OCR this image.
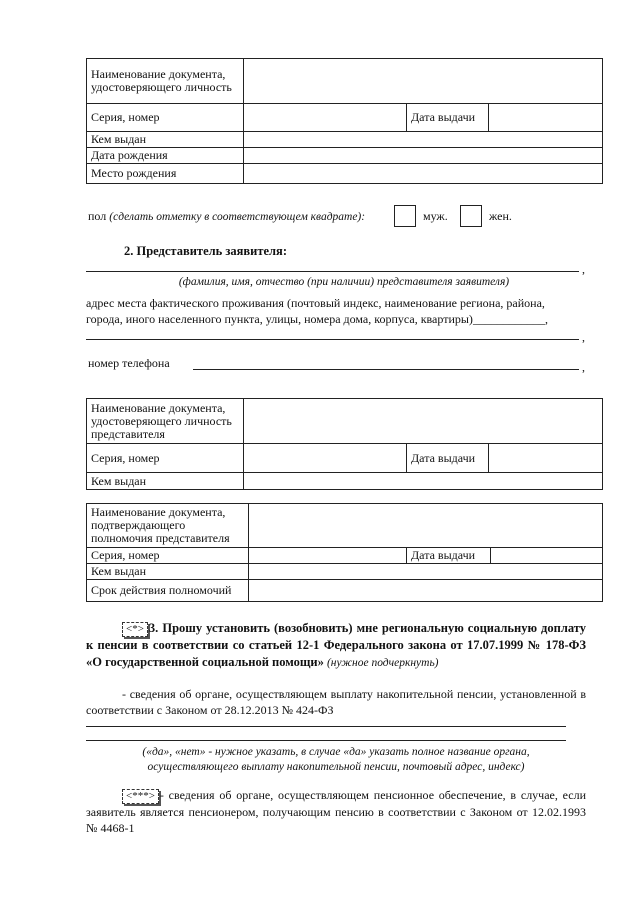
Наименование документа, удостоверяющего личность			
Серия, номер		Дата выдачи	
Кем выдан			
Дата рождения			
Место рождения			
пол (сделать отметку в соответствующем квадрате):	муж.	жен.
2. Представитель заявителя:
,
(фамилия, имя, отчество (при наличии) представителя заявителя)
адрес места фактического проживания (почтовый индекс, наименование региона, района, города, иного населенного пункта, улицы, номера дома, корпуса, квартиры)____________,
,
номер телефона	,
Наименование документа, удостоверяющего личность представителя			
Серия, номер		Дата выдачи	
Кем выдан			
Наименование документа, подтверждающего полномочия представителя			
Серия, номер		Дата выдачи	
Кем выдан			
Срок действия полномочий			
<*> 3. Прошу установить (возобновить) мне региональную социальную доплату к пенсии в соответствии со статьей 12-1 Федерального закона от 17.07.1999 № 178-ФЗ «О государственной социальной помощи» (нужное подчеркнуть)
- сведения об органе, осуществляющем выплату накопительной пенсии, установленной в соответствии с Законом от 28.12.2013 № 424-ФЗ
(«да», «нет» - нужное указать, в случае «да» указать полное название органа, осуществляющего выплату накопительной пенсии, почтовый адрес, индекс)
<***> - сведения об органе, осуществляющем пенсионное обеспечение, в случае, если заявитель является пенсионером, получающим пенсию в соответствии с Законом от 12.02.1993 № 4468-1
